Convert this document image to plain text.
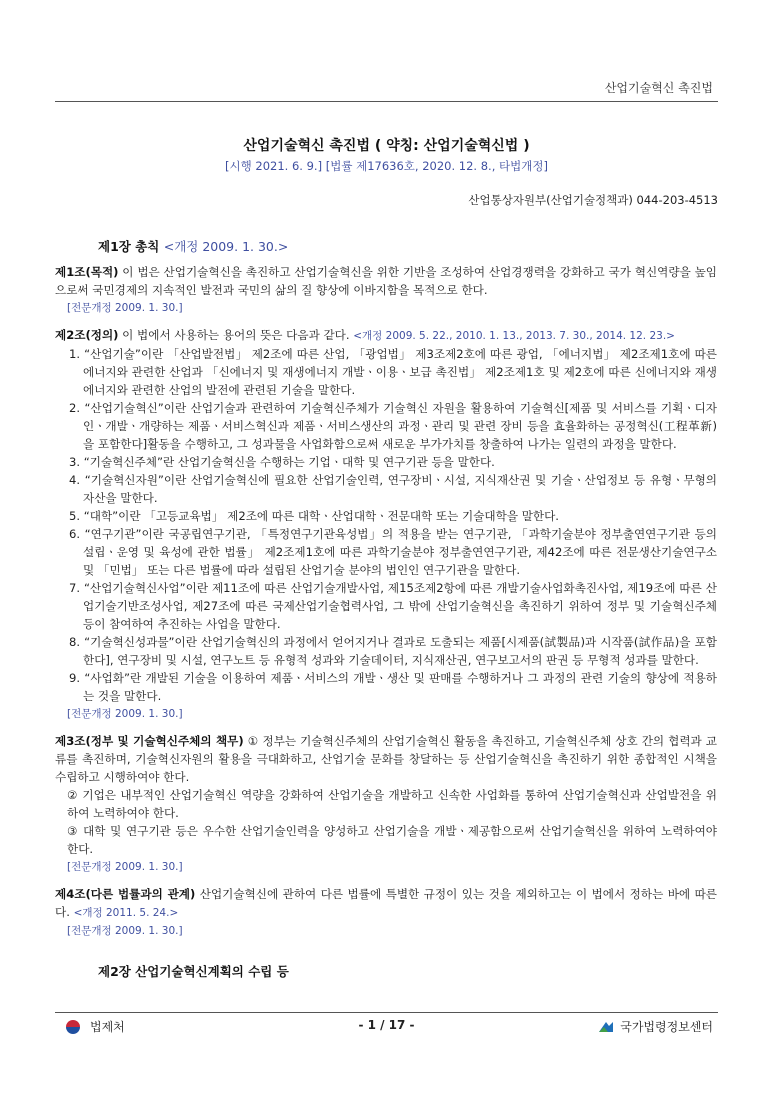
산업기술혁신 촉진법
산업기술혁신 촉진법 ( 약칭: 산업기술혁신법 )
[시행 2021. 6. 9.] [법률 제17636호, 2020. 12. 8., 타법개정]
산업통상자원부(산업기술정책과) 044-203-4513
제1장 총칙 <개정 2009. 1. 30.>
제1조(목적) 이 법은 산업기술혁신을 촉진하고 산업기술혁신을 위한 기반을 조성하여 산업경쟁력을 강화하고 국가 혁신역량을 높임으로써 국민경제의 지속적인 발전과 국민의 삶의 질 향상에 이바지함을 목적으로 한다.
[전문개정 2009. 1. 30.]
제2조(정의) 이 법에서 사용하는 용어의 뜻은 다음과 같다. <개정 2009. 5. 22., 2010. 1. 13., 2013. 7. 30., 2014. 12. 23.>
1. “산업기술”이란 「산업발전법」 제2조에 따른 산업, 「광업법」 제3조제2호에 따른 광업, 「에너지법」 제2조제1호에 따른 에너지와 관련한 산업과 「신에너지 및 재생에너지 개발ㆍ이용ㆍ보급 촉진법」 제2조제1호 및 제2호에 따른 신에너지와 재생에너지와 관련한 산업의 발전에 관련된 기술을 말한다.
2. “산업기술혁신”이란 산업기술과 관련하여 기술혁신주체가 기술혁신 자원을 활용하여 기술혁신[제품 및 서비스를 기획ㆍ디자인ㆍ개발ㆍ개량하는 제품ㆍ서비스혁신과 제품ㆍ서비스생산의 과정ㆍ관리 및 관련 장비 등을 효율화하는 공정혁신(工程革新)을 포함한다]활동을 수행하고, 그 성과물을 사업화함으로써 새로운 부가가치를 창출하여 나가는 일련의 과정을 말한다.
3. “기술혁신주체”란 산업기술혁신을 수행하는 기업ㆍ대학 및 연구기관 등을 말한다.
4. “기술혁신자원”이란 산업기술혁신에 필요한 산업기술인력, 연구장비ㆍ시설, 지식재산권 및 기술ㆍ산업정보 등 유형ㆍ무형의 자산을 말한다.
5. “대학”이란 「고등교육법」 제2조에 따른 대학ㆍ산업대학ㆍ전문대학 또는 기술대학을 말한다.
6. “연구기관”이란 국공립연구기관, 「특정연구기관육성법」의 적용을 받는 연구기관, 「과학기술분야 정부출연연구기관 등의 설립ㆍ운영 및 육성에 관한 법률」 제2조제1호에 따른 과학기술분야 정부출연연구기관, 제42조에 따른 전문생산기술연구소 및 「민법」 또는 다른 법률에 따라 설립된 산업기술 분야의 법인인 연구기관을 말한다.
7. “산업기술혁신사업”이란 제11조에 따른 산업기술개발사업, 제15조제2항에 따른 개발기술사업화촉진사업, 제19조에 따른 산업기술기반조성사업, 제27조에 따른 국제산업기술협력사업, 그 밖에 산업기술혁신을 촉진하기 위하여 정부 및 기술혁신주체 등이 참여하여 추진하는 사업을 말한다.
8. “기술혁신성과물”이란 산업기술혁신의 과정에서 얻어지거나 결과로 도출되는 제품[시제품(試製品)과 시작품(試作品)을 포함한다], 연구장비 및 시설, 연구노트 등 유형적 성과와 기술데이터, 지식재산권, 연구보고서의 판권 등 무형적 성과를 말한다.
9. “사업화”란 개발된 기술을 이용하여 제품ㆍ서비스의 개발ㆍ생산 및 판매를 수행하거나 그 과정의 관련 기술의 향상에 적용하는 것을 말한다.
[전문개정 2009. 1. 30.]
제3조(정부 및 기술혁신주체의 책무) ① 정부는 기술혁신주체의 산업기술혁신 활동을 촉진하고, 기술혁신주체 상호 간의 협력과 교류를 촉진하며, 기술혁신자원의 활용을 극대화하고, 산업기술 문화를 창달하는 등 산업기술혁신을 촉진하기 위한 종합적인 시책을 수립하고 시행하여야 한다.
② 기업은 내부적인 산업기술혁신 역량을 강화하여 산업기술을 개발하고 신속한 사업화를 통하여 산업기술혁신과 산업발전을 위하여 노력하여야 한다.
③ 대학 및 연구기관 등은 우수한 산업기술인력을 양성하고 산업기술을 개발ㆍ제공함으로써 산업기술혁신을 위하여 노력하여야 한다.
[전문개정 2009. 1. 30.]
제4조(다른 법률과의 관계) 산업기술혁신에 관하여 다른 법률에 특별한 규정이 있는 것을 제외하고는 이 법에서 정하는 바에 따른다. <개정 2011. 5. 24.>
[전문개정 2009. 1. 30.]
제2장 산업기술혁신계획의 수립 등
법제처	- 1 / 17 -	국가법령정보센터
